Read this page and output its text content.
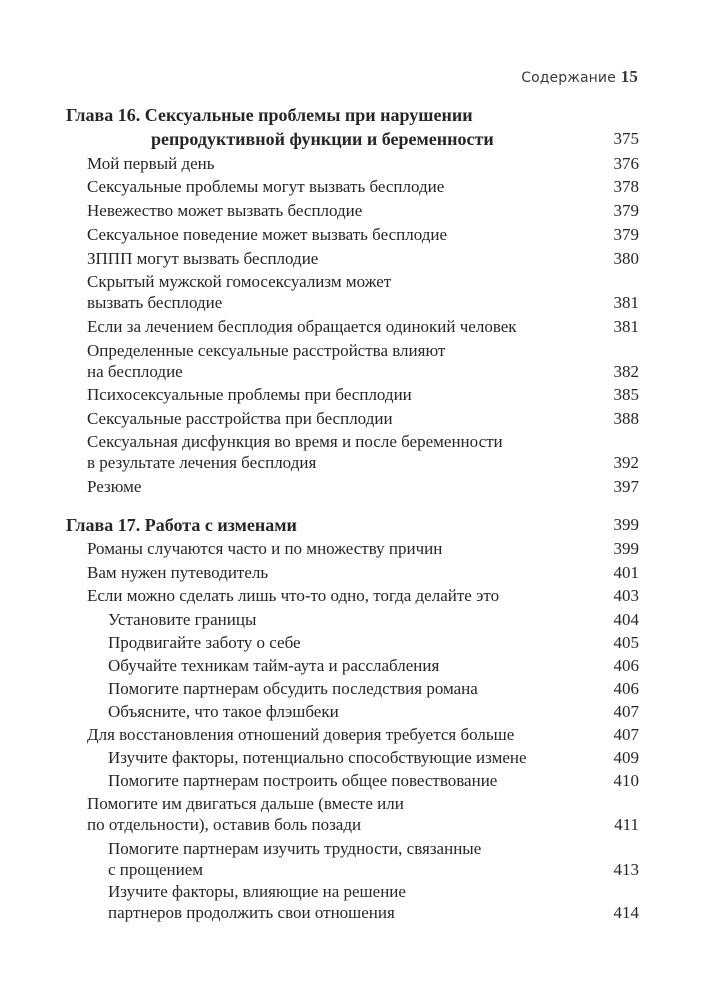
Содержание 15
Глава 16. Сексуальные проблемы при нарушении
репродуктивной функции и беременности	375
Мой первый день	376
Сексуальные проблемы могут вызвать бесплодие	378
Невежество может вызвать бесплодие	379
Сексуальное поведение может вызвать бесплодие	379
ЗППП могут вызвать бесплодие	380
Скрытый мужской гомосексуализм может
вызвать бесплодие	381
Если за лечением бесплодия обращается одинокий человек	381
Определенные сексуальные расстройства влияют
на бесплодие	382
Психосексуальные проблемы при бесплодии	385
Сексуальные расстройства при бесплодии	388
Сексуальная дисфункция во время и после беременности
в результате лечения бесплодия	392
Резюме	397
Глава 17. Работа с изменами	399
Романы случаются часто и по множеству причин	399
Вам нужен путеводитель	401
Если можно сделать лишь что-то одно, тогда делайте это	403
Установите границы	404
Продвигайте заботу о себе	405
Обучайте техникам тайм-аута и расслабления	406
Помогите партнерам обсудить последствия романа	406
Объясните, что такое флэшбеки	407
Для восстановления отношений доверия требуется больше	407
Изучите факторы, потенциально способствующие измене	409
Помогите партнерам построить общее повествование	410
Помогите им двигаться дальше (вместе или
по отдельности), оставив боль позади	411
Помогите партнерам изучить трудности, связанные
с прощением	413
Изучите факторы, влияющие на решение
партнеров продолжить свои отношения	414
